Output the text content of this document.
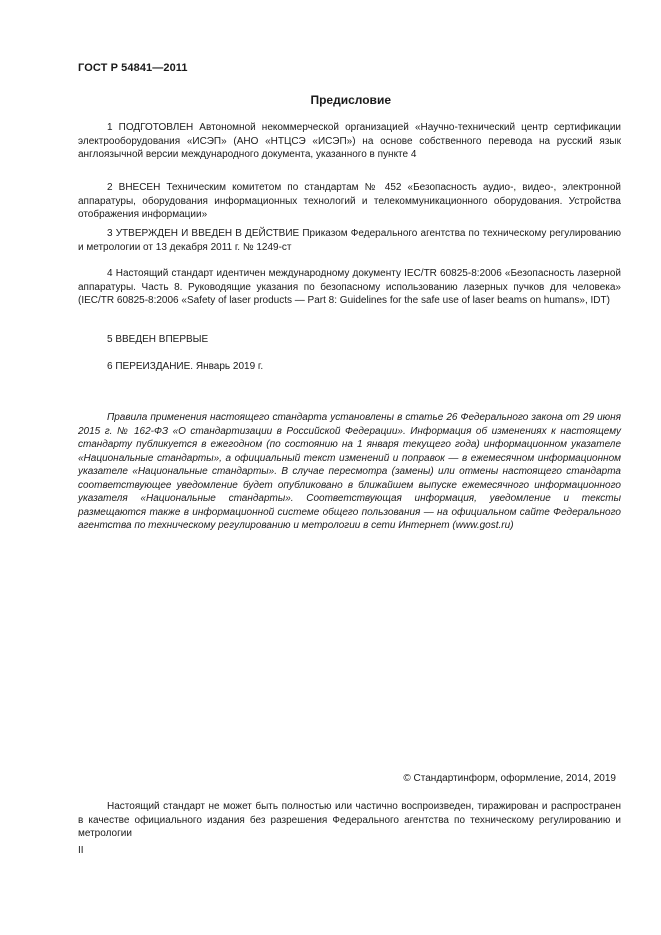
ГОСТ Р 54841—2011
Предисловие

1 ПОДГОТОВЛЕН Автономной некоммерческой организацией «Научно-технический центр сертификации электрооборудования «ИСЭП» (АНО «НТЦСЭ «ИСЭП») на основе собственного перевода на русский язык англоязычной версии международного документа, указанного в пункте 4

2 ВНЕСЕН Техническим комитетом по стандартам № 452 «Безопасность аудио-, видео-, электронной аппаратуры, оборудования информационных технологий и телекоммуникационного оборудования. Устройства отображения информации»

3 УТВЕРЖДЕН И ВВЕДЕН В ДЕЙСТВИЕ Приказом Федерального агентства по техническому регулированию и метрологии от 13 декабря 2011 г. № 1249-ст

4 Настоящий стандарт идентичен международному документу IEC/TR 60825-8:2006 «Безопасность лазерной аппаратуры. Часть 8. Руководящие указания по безопасному использованию лазерных пучков для человека» (IEC/TR 60825-8:2006 «Safety of laser products — Part 8: Guidelines for the safe use of laser beams on humans», IDT)

5 ВВЕДЕН ВПЕРВЫЕ

6 ПЕРЕИЗДАНИЕ. Январь 2019 г.

Правила применения настоящего стандарта установлены в статье 26 Федерального закона от 29 июня 2015 г. № 162-ФЗ «О стандартизации в Российской Федерации». Информация об изменениях к настоящему стандарту публикуется в ежегодном (по состоянию на 1 января текущего года) информационном указателе «Национальные стандарты», а официальный текст изменений и поправок — в ежемесячном информационном указателе «Национальные стандарты». В случае пересмотра (замены) или отмены настоящего стандарта соответствующее уведомление будет опубликовано в ближайшем выпуске ежемесячного информационного указателя «Национальные стандарты». Соответствующая информация, уведомление и тексты размещаются также в информационной системе общего пользования — на официальном сайте Федерального агентства по техническому регулированию и метрологии в сети Интернет (www.gost.ru)

© Стандартинформ, оформление, 2014, 2019

Настоящий стандарт не может быть полностью или частично воспроизведен, тиражирован и распространен в качестве официального издания без разрешения Федерального агентства по техническому регулированию и метрологии

II
